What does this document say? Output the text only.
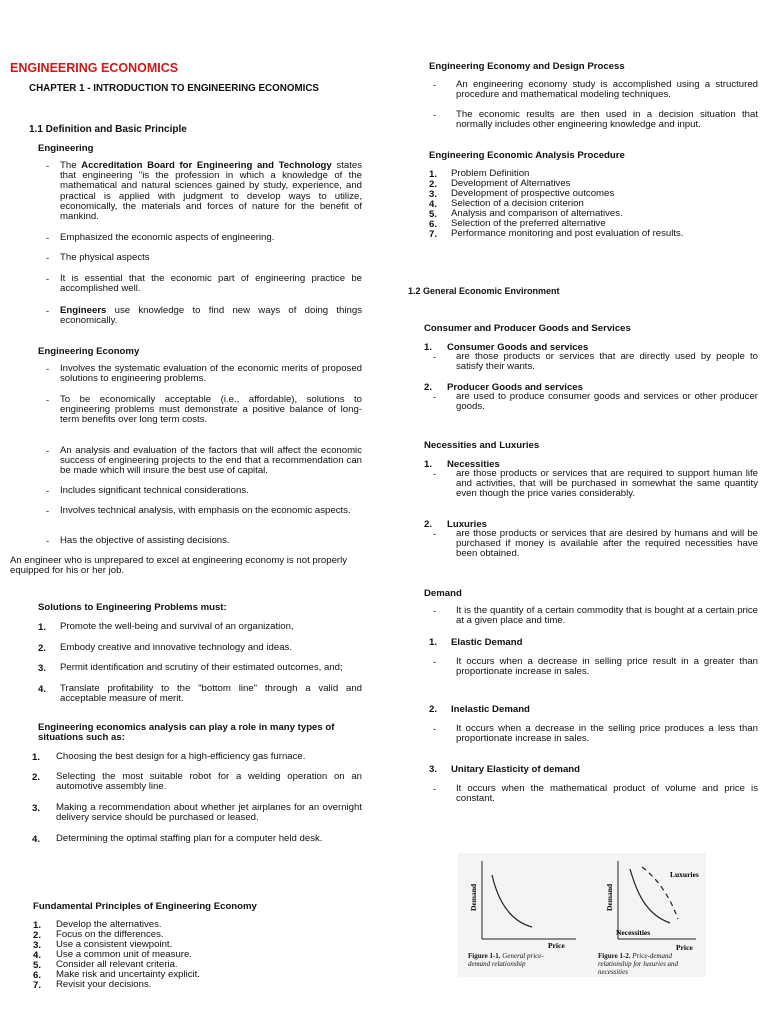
ENGINEERING ECONOMICS
CHAPTER 1 - INTRODUCTION TO ENGINEERING ECONOMICS
1.1 Definition and Basic Principle
Engineering
- The Accreditation Board for Engineering and Technology states that engineering "is the profession in which a knowledge of the mathematical and natural sciences gained by study, experience, and practical is applied with judgment to develop ways to utilize, economically, the materials and forces of nature for the benefit of mankind.
- Emphasized the economic aspects of engineering.
- The physical aspects
- It is essential that the economic part of engineering practice be accomplished well.
- Engineers use knowledge to find new ways of doing things economically.
Engineering Economy
- Involves the systematic evaluation of the economic merits of proposed solutions to engineering problems.
- To be economically acceptable (i.e., affordable), solutions to engineering problems must demonstrate a positive balance of long-term benefits over long term costs.
- An analysis and evaluation of the factors that will affect the economic success of engineering projects to the end that a recommendation can be made which will insure the best use of capital.
- Includes significant technical considerations.
- Involves technical analysis, with emphasis on the economic aspects.
- Has the objective of assisting decisions.
An engineer who is unprepared to excel at engineering economy is not properly equipped for his or her job.
Solutions to Engineering Problems must:
1. Promote the well-being and survival of an organization,
2. Embody creative and innovative technology and ideas.
3. Permit identification and scrutiny of their estimated outcomes, and;
4. Translate profitability to the "bottom line" through a valid and acceptable measure of merit.
Engineering economics analysis can play a role in many types of situations such as:
1. Choosing the best design for a high-efficiency gas furnace.
2. Selecting the most suitable robot for a welding operation on an automotive assembly line.
3. Making a recommendation about whether jet airplanes for an overnight delivery service should be purchased or leased.
4. Determining the optimal staffing plan for a computer held desk.
Fundamental Principles of Engineering Economy
1. Develop the alternatives.
2. Focus on the differences.
3. Use a consistent viewpoint.
4. Use a common unit of measure.
5. Consider all relevant criteria.
6. Make risk and uncertainty explicit.
7. Revisit your decisions.
Engineering Economy and Design Process
- An engineering economy study is accomplished using a structured procedure and mathematical modeling techniques.
- The economic results are then used in a decision situation that normally includes other engineering knowledge and input.
Engineering Economic Analysis Procedure
1. Problem Definition
2. Development of Alternatives
3. Development of prospective outcomes
4. Selection of a decision criterion
5. Analysis and comparison of alternatives.
6. Selection of the preferred alternative
7. Performance monitoring and post evaluation of results.
1.2 General Economic Environment
Consumer and Producer Goods and Services
1. Consumer Goods and services
- are those products or services that are directly used by people to satisfy their wants.
2. Producer Goods and services
- are used to produce consumer goods and services or other producer goods.
Necessities and Luxuries
1. Necessities
- are those products or services that are required to support human life and activities, that will be purchased in somewhat the same quantity even though the price varies considerably.
2. Luxuries
- are those products or services that are desired by humans and will be purchased if money is available after the required necessities have been obtained.
Demand
- It is the quantity of a certain commodity that is bought at a certain price at a given place and time.
1. Elastic Demand
- It occurs when a decrease in selling price result in a greater than proportionate increase in sales.
2. Inelastic Demand
- It occurs when a decrease in the selling price produces a less than proportionate increase in sales.
3. Unitary Elasticity of demand
- It occurs when the mathematical product of volume and price is constant.
Demand
Price
Demand
Price
Luxuries
Necessities
Figure 1-1. General price-demand relationship
Figure 1-2. Price-demand relationship for luxuries and necessities
